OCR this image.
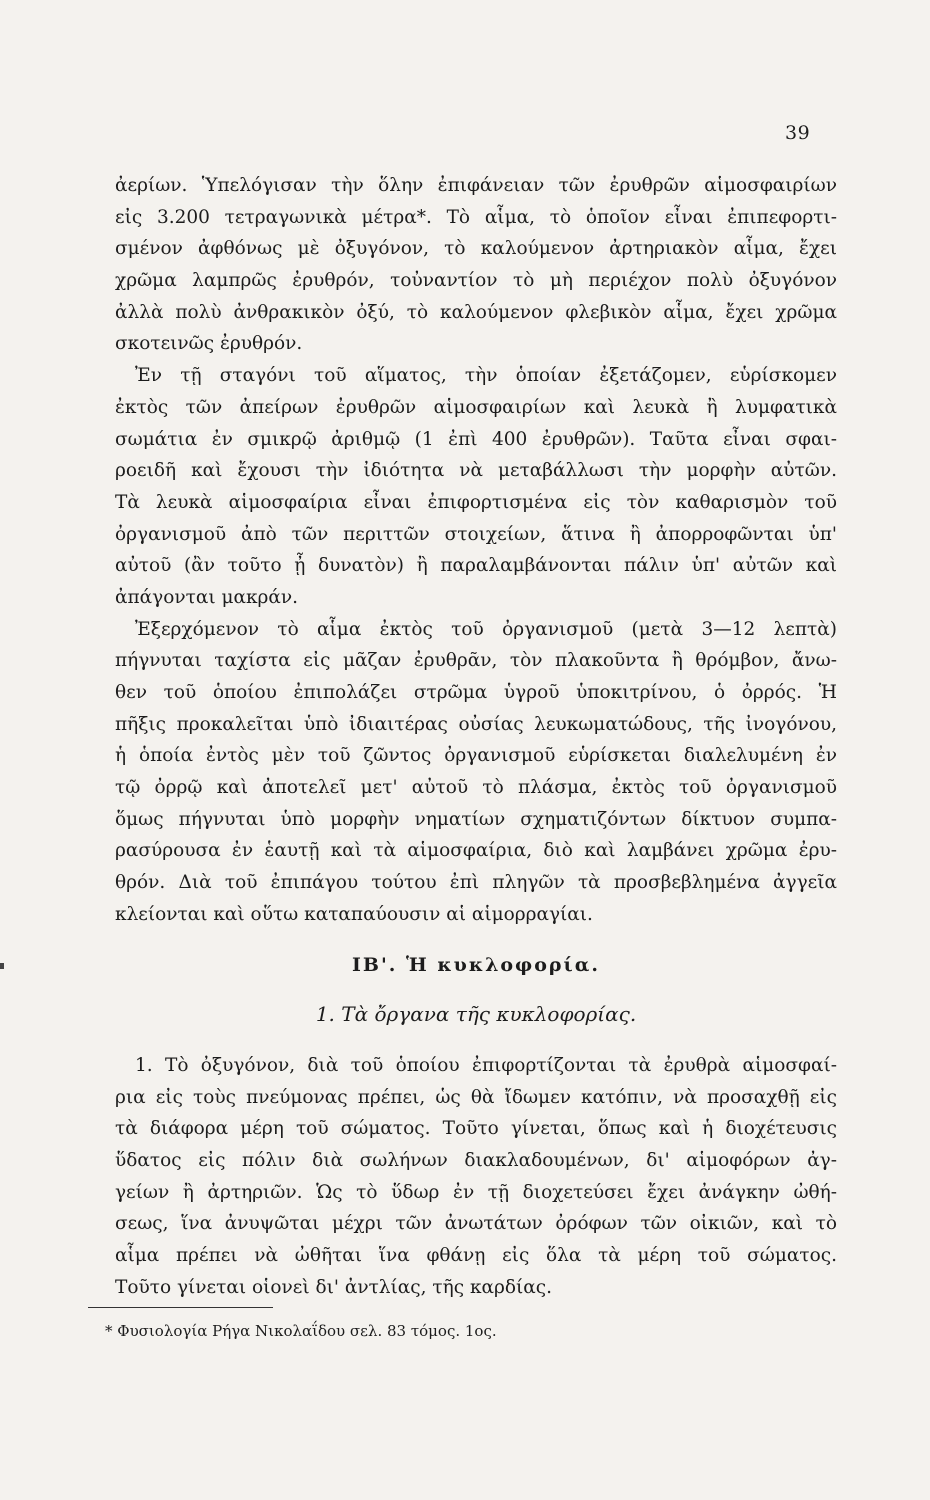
39
ἀερίων. Ὑπελόγισαν τὴν ὅλην ἐπιφάνειαν τῶν ἐρυθρῶν αἱμοσφαιρίων
εἰς 3.200 τετραγωνικὰ μέτρα*. Τὸ αἷμα, τὸ ὁποῖον εἶναι ἐπιπεφορτι-
σμένον ἀφθόνως μὲ ὀξυγόνον, τὸ καλούμενον ἀρτηριακὸν αἷμα, ἔχει
χρῶμα λαμπρῶς ἐρυθρόν, τοὐναντίον τὸ μὴ περιέχον πολὺ ὀξυγόνον
ἀλλὰ πολὺ ἀνθρακικὸν ὀξύ, τὸ καλούμενον φλεβικὸν αἷμα, ἔχει χρῶμα
σκοτεινῶς ἐρυθρόν.
Ἐν τῇ σταγόνι τοῦ αἵματος, τὴν ὁποίαν ἐξετάζομεν, εὑρίσκομεν
ἐκτὸς τῶν ἀπείρων ἐρυθρῶν αἱμοσφαιρίων καὶ λευκὰ ἢ λυμφατικὰ
σωμάτια ἐν σμικρῷ ἀριθμῷ (1 ἐπὶ 400 ἐρυθρῶν). Ταῦτα εἶναι σφαι-
ροειδῆ καὶ ἔχουσι τὴν ἰδιότητα νὰ μεταβάλλωσι τὴν μορφὴν αὐτῶν.
Τὰ λευκὰ αἱμοσφαίρια εἶναι ἐπιφορτισμένα εἰς τὸν καθαρισμὸν τοῦ
ὀργανισμοῦ ἀπὸ τῶν περιττῶν στοιχείων, ἅτινα ἢ ἀπορροφῶνται ὑπ'
αὐτοῦ (ἂν τοῦτο ᾖ δυνατὸν) ἢ παραλαμβάνονται πάλιν ὑπ' αὐτῶν καὶ
ἀπάγονται μακράν.
Ἐξερχόμενον τὸ αἷμα ἐκτὸς τοῦ ὀργανισμοῦ (μετὰ 3—12 λεπτὰ)
πήγνυται ταχίστα εἰς μᾶζαν ἐρυθρᾶν, τὸν πλακοῦντα ἢ θρόμβον, ἄνω-
θεν τοῦ ὁποίου ἐπιπολάζει στρῶμα ὑγροῦ ὑποκιτρίνου, ὁ ὀρρός. Ἡ
πῆξις προκαλεῖται ὑπὸ ἰδιαιτέρας οὐσίας λευκωματώδους, τῆς ἰνογόνου,
ἡ ὁποία ἐντὸς μὲν τοῦ ζῶντος ὀργανισμοῦ εὑρίσκεται διαλελυμένη ἐν
τῷ ὀρρῷ καὶ ἀποτελεῖ μετ' αὐτοῦ τὸ πλάσμα, ἐκτὸς τοῦ ὀργανισμοῦ
ὅμως πήγνυται ὑπὸ μορφὴν νηματίων σχηματιζόντων δίκτυον συμπα-
ρασύρουσα ἐν ἑαυτῇ καὶ τὰ αἱμοσφαίρια, διὸ καὶ λαμβάνει χρῶμα ἐρυ-
θρόν. Διὰ τοῦ ἐπιπάγου τούτου ἐπὶ πληγῶν τὰ προσβεβλημένα ἀγγεῖα
κλείονται καὶ οὕτω καταπαύουσιν αἱ αἱμορραγίαι.
ΙΒ'. Ἡ κυκλοφορία.
1. Τὰ ὄργανα τῆς κυκλοφορίας.
1. Τὸ ὀξυγόνον, διὰ τοῦ ὁποίου ἐπιφορτίζονται τὰ ἐρυθρὰ αἱμοσφαί-
ρια εἰς τοὺς πνεύμονας πρέπει, ὡς θὰ ἴδωμεν κατόπιν, νὰ προσαχθῇ εἰς
τὰ διάφορα μέρη τοῦ σώματος. Τοῦτο γίνεται, ὅπως καὶ ἡ διοχέτευσις
ὕδατος εἰς πόλιν διὰ σωλήνων διακλαδουμένων, δι' αἱμοφόρων ἀγ-
γείων ἢ ἀρτηριῶν. Ὡς τὸ ὕδωρ ἐν τῇ διοχετεύσει ἔχει ἀνάγκην ὠθή-
σεως, ἵνα ἀνυψῶται μέχρι τῶν ἀνωτάτων ὀρόφων τῶν οἰκιῶν, καὶ τὸ
αἷμα πρέπει νὰ ὠθῆται ἵνα φθάνῃ εἰς ὅλα τὰ μέρη τοῦ σώματος.
Τοῦτο γίνεται οἱονεὶ δι' ἀντλίας, τῆς καρδίας.
* Φυσιολογία Ρήγα Νικολαΐδου σελ. 83 τόμος. 1ος.
